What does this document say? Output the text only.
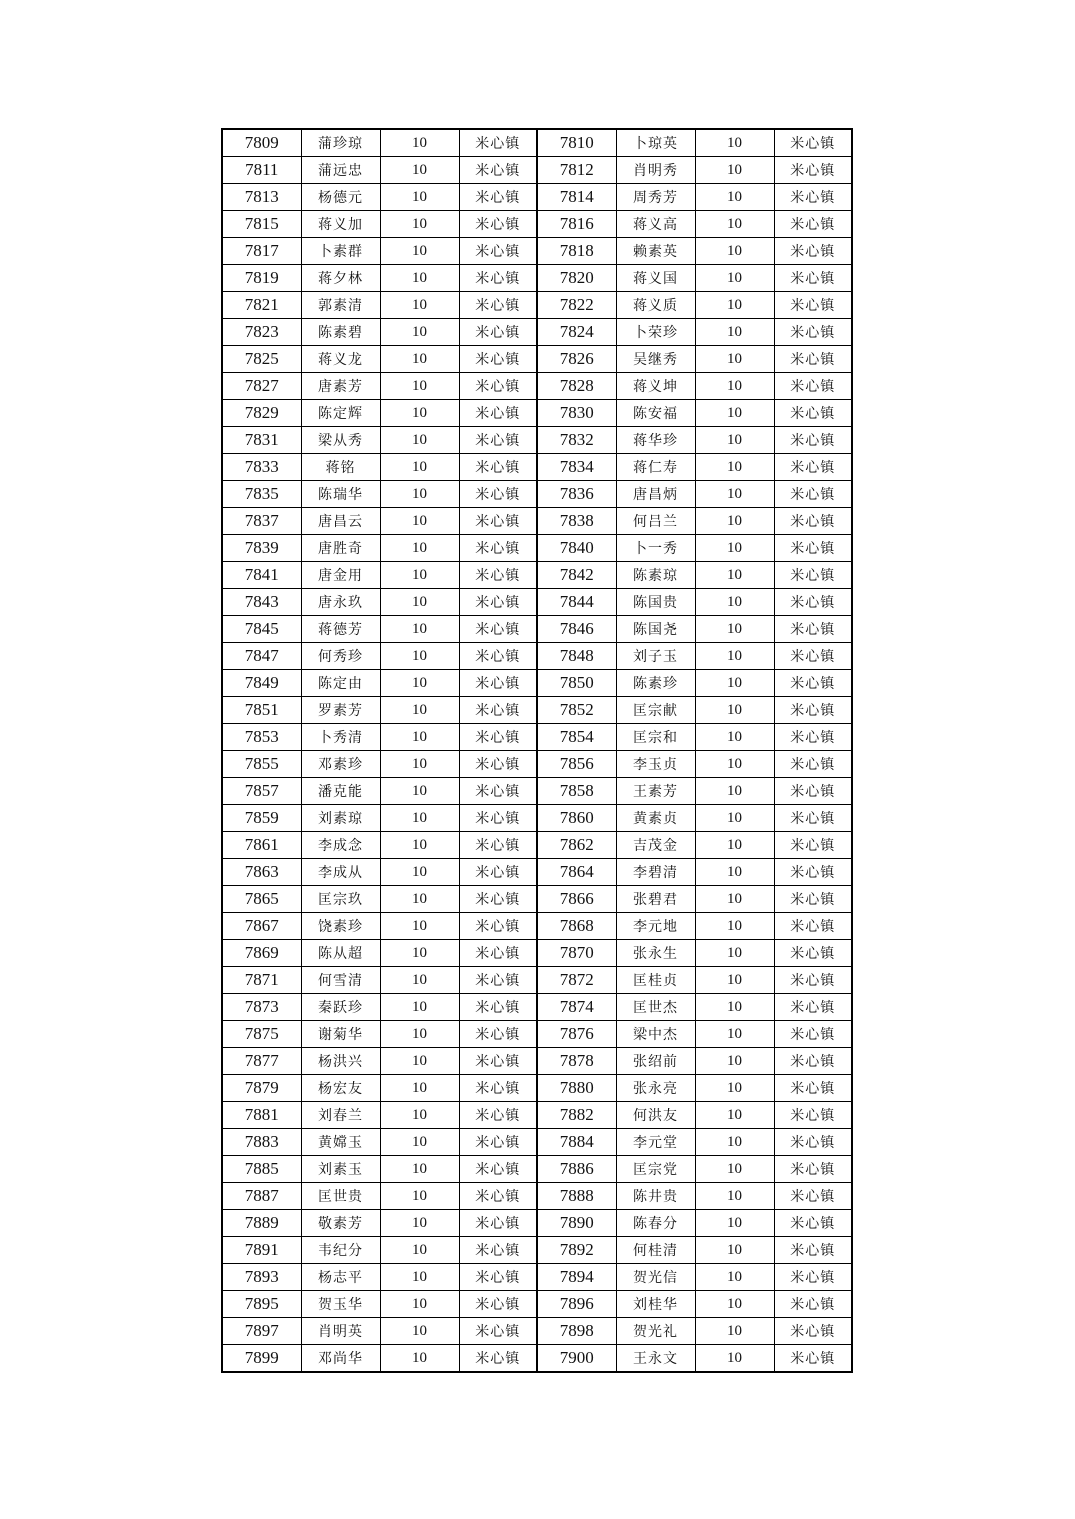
7809	蒲珍琼	10	米心镇	7810	卜琼英	10	米心镇
7811	蒲远忠	10	米心镇	7812	肖明秀	10	米心镇
7813	杨德元	10	米心镇	7814	周秀芳	10	米心镇
7815	蒋义加	10	米心镇	7816	蒋义高	10	米心镇
7817	卜素群	10	米心镇	7818	赖素英	10	米心镇
7819	蒋夕林	10	米心镇	7820	蒋义国	10	米心镇
7821	郭素清	10	米心镇	7822	蒋义质	10	米心镇
7823	陈素碧	10	米心镇	7824	卜荣珍	10	米心镇
7825	蒋义龙	10	米心镇	7826	吴继秀	10	米心镇
7827	唐素芳	10	米心镇	7828	蒋义坤	10	米心镇
7829	陈定辉	10	米心镇	7830	陈安福	10	米心镇
7831	梁从秀	10	米心镇	7832	蒋华珍	10	米心镇
7833	蒋铭	10	米心镇	7834	蒋仁寿	10	米心镇
7835	陈瑞华	10	米心镇	7836	唐昌炳	10	米心镇
7837	唐昌云	10	米心镇	7838	何吕兰	10	米心镇
7839	唐胜奇	10	米心镇	7840	卜一秀	10	米心镇
7841	唐金用	10	米心镇	7842	陈素琼	10	米心镇
7843	唐永玖	10	米心镇	7844	陈国贵	10	米心镇
7845	蒋德芳	10	米心镇	7846	陈国尧	10	米心镇
7847	何秀珍	10	米心镇	7848	刘子玉	10	米心镇
7849	陈定由	10	米心镇	7850	陈素珍	10	米心镇
7851	罗素芳	10	米心镇	7852	匡宗献	10	米心镇
7853	卜秀清	10	米心镇	7854	匡宗和	10	米心镇
7855	邓素珍	10	米心镇	7856	李玉贞	10	米心镇
7857	潘克能	10	米心镇	7858	王素芳	10	米心镇
7859	刘素琼	10	米心镇	7860	黄素贞	10	米心镇
7861	李成念	10	米心镇	7862	吉茂金	10	米心镇
7863	李成从	10	米心镇	7864	李碧清	10	米心镇
7865	匡宗玖	10	米心镇	7866	张碧君	10	米心镇
7867	饶素珍	10	米心镇	7868	李元地	10	米心镇
7869	陈从超	10	米心镇	7870	张永生	10	米心镇
7871	何雪清	10	米心镇	7872	匡桂贞	10	米心镇
7873	秦跃珍	10	米心镇	7874	匡世杰	10	米心镇
7875	谢菊华	10	米心镇	7876	梁中杰	10	米心镇
7877	杨洪兴	10	米心镇	7878	张绍前	10	米心镇
7879	杨宏友	10	米心镇	7880	张永亮	10	米心镇
7881	刘春兰	10	米心镇	7882	何洪友	10	米心镇
7883	黄嫦玉	10	米心镇	7884	李元堂	10	米心镇
7885	刘素玉	10	米心镇	7886	匡宗党	10	米心镇
7887	匡世贵	10	米心镇	7888	陈井贵	10	米心镇
7889	敬素芳	10	米心镇	7890	陈春分	10	米心镇
7891	韦纪分	10	米心镇	7892	何桂清	10	米心镇
7893	杨志平	10	米心镇	7894	贺光信	10	米心镇
7895	贺玉华	10	米心镇	7896	刘桂华	10	米心镇
7897	肖明英	10	米心镇	7898	贺光礼	10	米心镇
7899	邓尚华	10	米心镇	7900	王永文	10	米心镇
